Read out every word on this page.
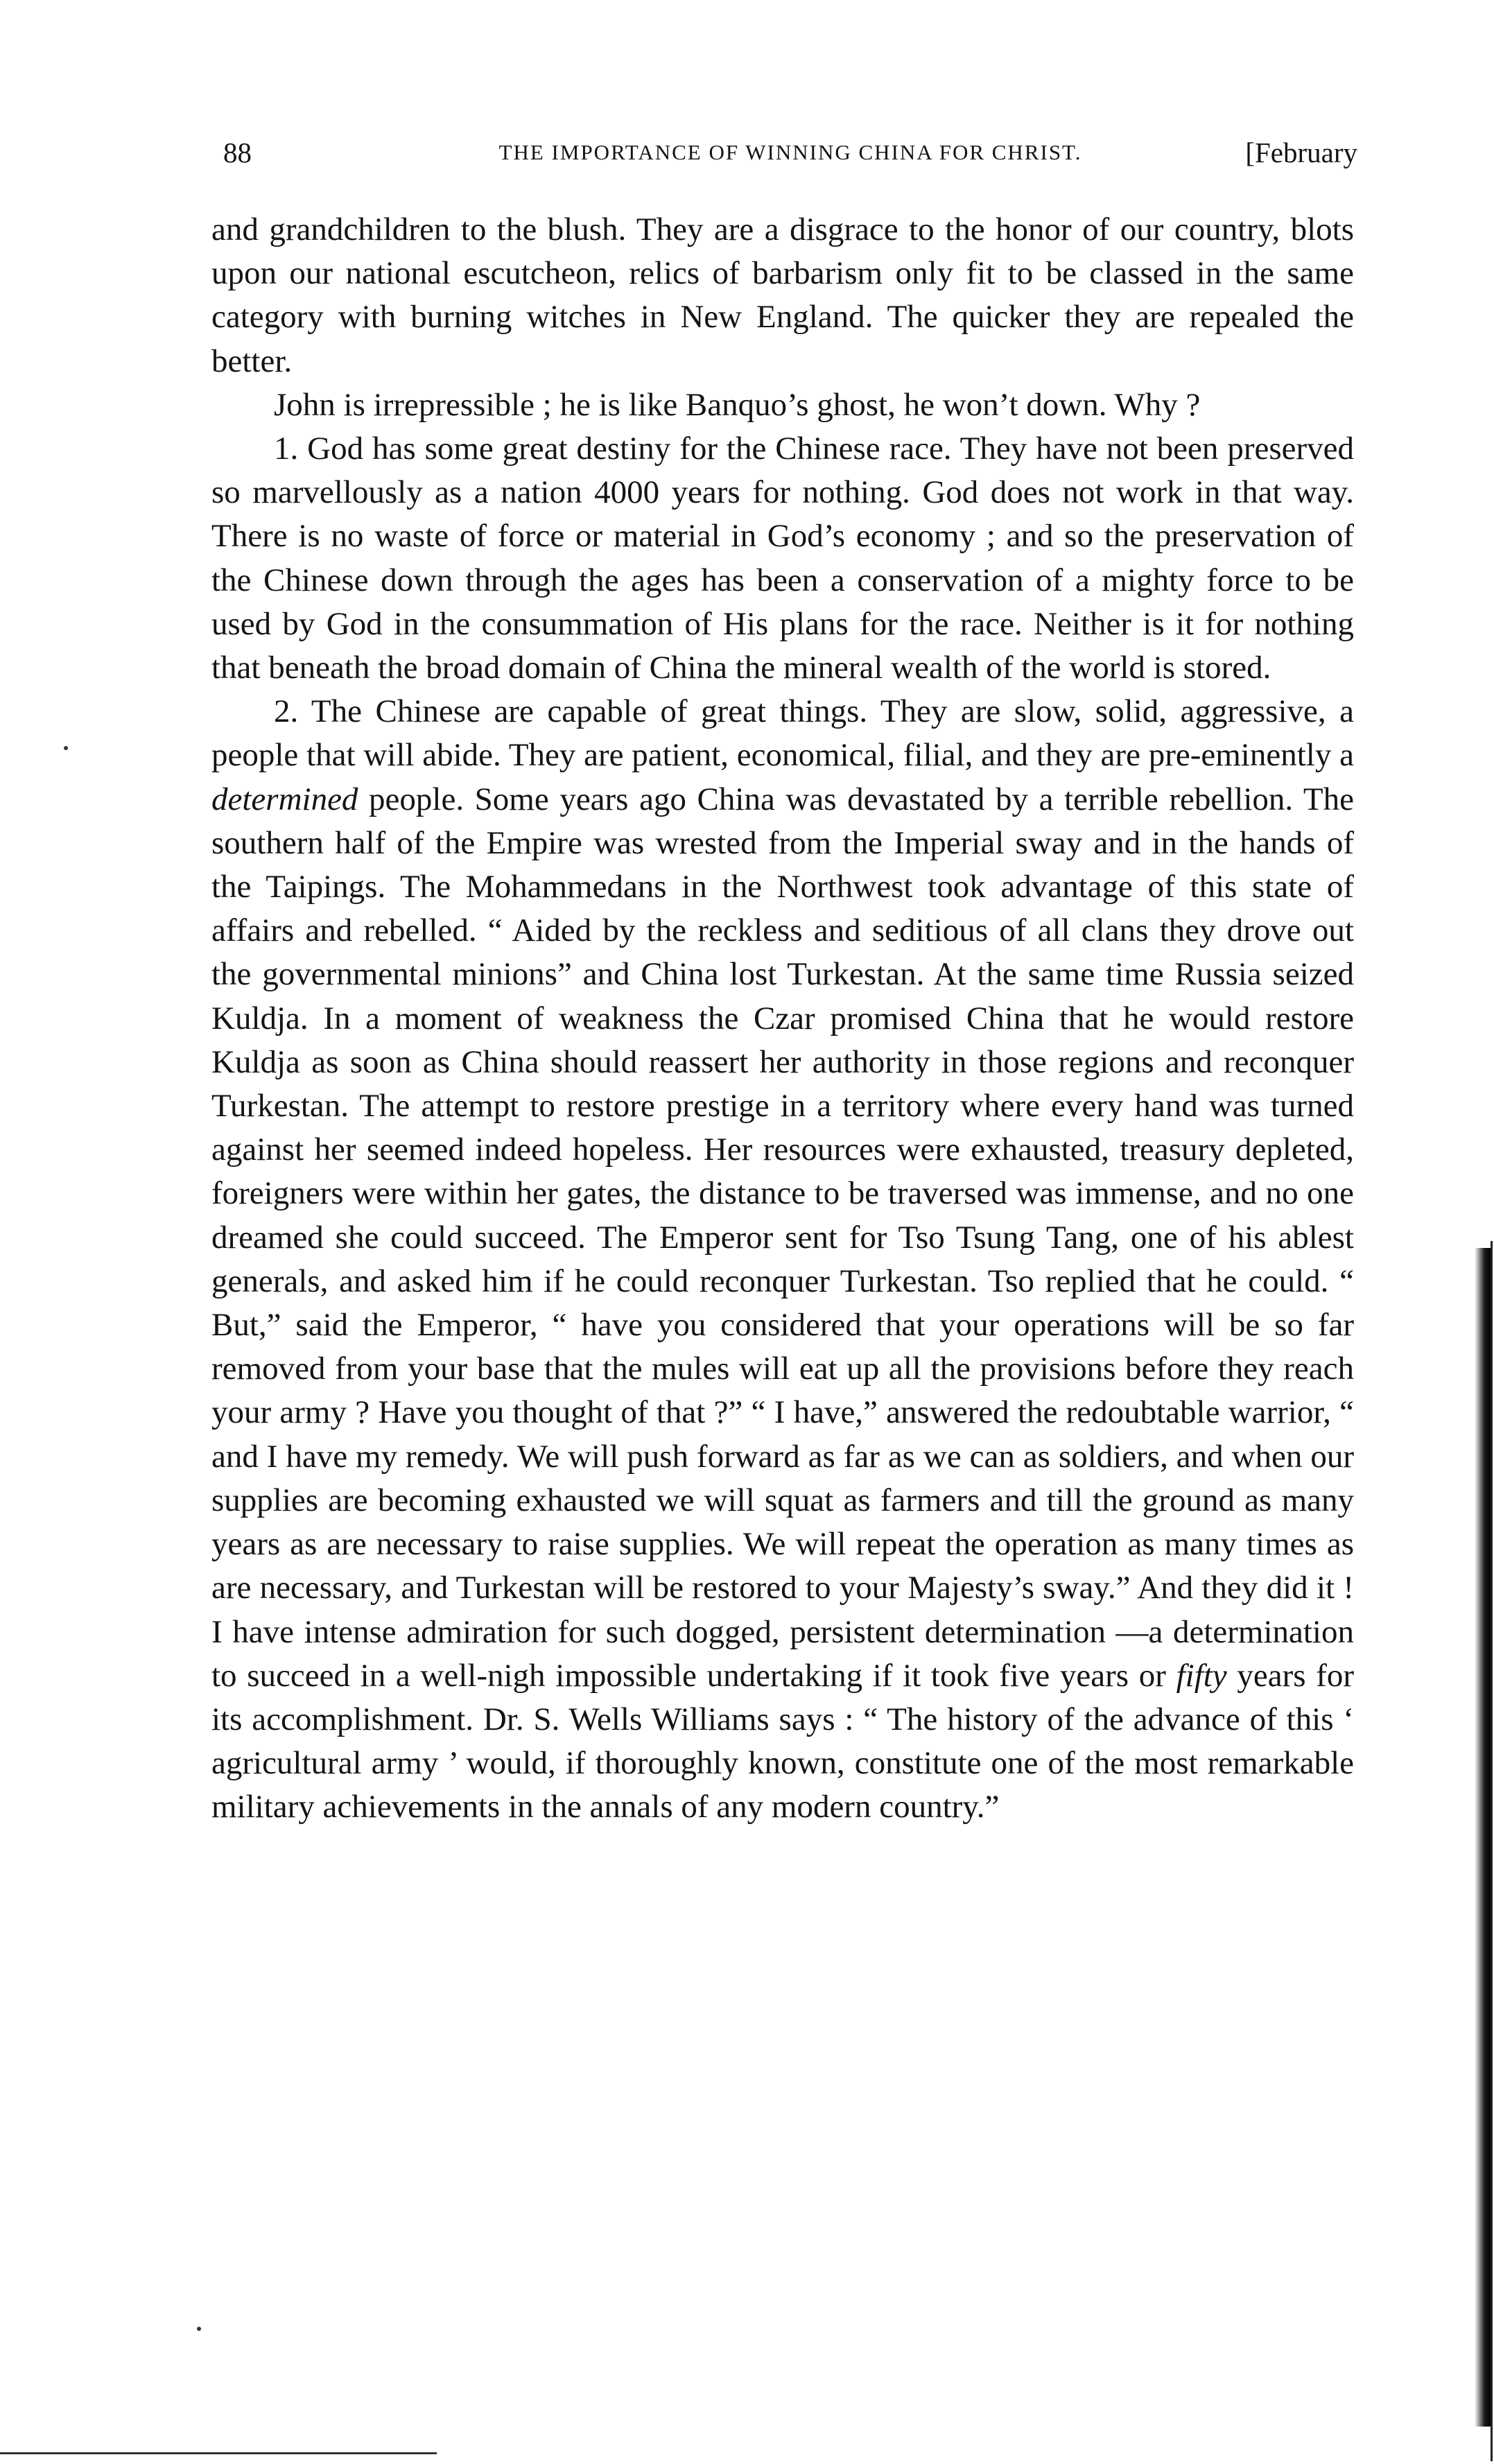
88	THE IMPORTANCE OF WINNING CHINA FOR CHRIST.	[February

and grandchildren to the blush. They are a disgrace to the honor of our country, blots upon our national escutcheon, relics of barbarism only fit to be classed in the same category with burning witches in New England. The quicker they are repealed the better.

John is irrepressible ; he is like Banquo’s ghost, he won’t down. Why ?

1. God has some great destiny for the Chinese race. They have not been preserved so marvellously as a nation 4000 years for nothing. God does not work in that way. There is no waste of force or material in God’s economy ; and so the preservation of the Chinese down through the ages has been a conservation of a mighty force to be used by God in the consummation of His plans for the race. Neither is it for nothing that beneath the broad domain of China the mineral wealth of the world is stored.

2. The Chinese are capable of great things. They are slow, solid, aggressive, a people that will abide. They are patient, economical, filial, and they are pre-eminently a determined people. Some years ago China was devastated by a terrible rebellion. The southern half of the Empire was wrested from the Imperial sway and in the hands of the Taipings. The Mohammedans in the Northwest took advantage of this state of affairs and rebelled. “ Aided by the reckless and seditious of all clans they drove out the governmental minions” and China lost Turkestan. At the same time Russia seized Kuldja. In a moment of weakness the Czar promised China that he would restore Kuldja as soon as China should reassert her authority in those regions and reconquer Turkestan. The attempt to restore prestige in a territory where every hand was turned against her seemed indeed hopeless. Her resources were exhausted, treasury depleted, foreigners were within her gates, the distance to be traversed was immense, and no one dreamed she could succeed. The Emperor sent for Tso Tsung Tang, one of his ablest generals, and asked him if he could reconquer Turkestan. Tso replied that he could. “ But,” said the Emperor, “ have you considered that your operations will be so far removed from your base that the mules will eat up all the provisions before they reach your army ? Have you thought of that ?” “ I have,” answered the redoubtable warrior, “ and I have my remedy. We will push forward as far as we can as soldiers, and when our supplies are becoming exhausted we will squat as farmers and till the ground as many years as are necessary to raise supplies. We will repeat the operation as many times as are necessary, and Turkestan will be restored to your Majesty’s sway.” And they did it ! I have intense admiration for such dogged, persistent determination —a determination to succeed in a well-nigh impossible undertaking if it took five years or fifty years for its accomplishment. Dr. S. Wells Williams says : “ The history of the advance of this ‘ agricultural army ’ would, if thoroughly known, constitute one of the most remarkable military achievements in the annals of any modern country.”
